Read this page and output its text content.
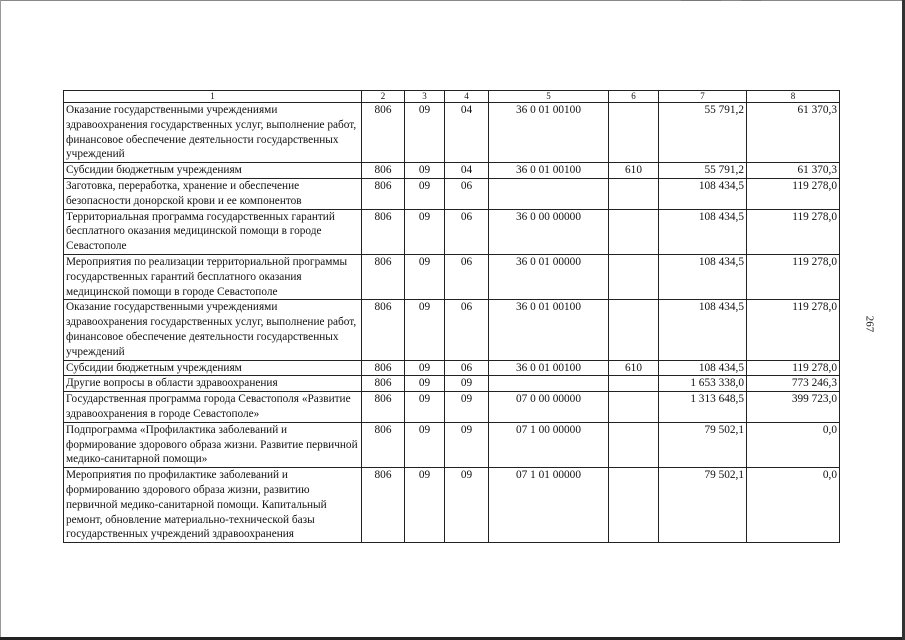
1	2	3	4	5	6	7	8
Оказание государственными учреждениями здравоохранения государственных услуг, выполнение работ, финансовое обеспечение деятельности государственных учреждений	806	09	04	36 0 01 00100		55 791,2	61 370,3
Субсидии бюджетным учреждениям	806	09	04	36 0 01 00100	610	55 791,2	61 370,3
Заготовка, переработка, хранение и обеспечение безопасности донорской крови и ее компонентов	806	09	06			108 434,5	119 278,0
Территориальная программа государственных гарантий бесплатного оказания медицинской помощи в городе Севастополе	806	09	06	36 0 00 00000		108 434,5	119 278,0
Мероприятия по реализации территориальной программы государственных гарантий бесплатного оказания медицинской помощи в городе Севастополе	806	09	06	36 0 01 00000		108 434,5	119 278,0
Оказание государственными учреждениями здравоохранения государственных услуг, выполнение работ, финансовое обеспечение деятельности государственных учреждений	806	09	06	36 0 01 00100		108 434,5	119 278,0
Субсидии бюджетным учреждениям	806	09	06	36 0 01 00100	610	108 434,5	119 278,0
Другие вопросы в области здравоохранения	806	09	09			1 653 338,0	773 246,3
Государственная программа города Севастополя «Развитие здравоохранения в городе Севастополе»	806	09	09	07 0 00 00000		1 313 648,5	399 723,0
Подпрограмма «Профилактика заболеваний и формирование здорового образа жизни. Развитие первичной медико-санитарной помощи»	806	09	09	07 1 00 00000		79 502,1	0,0
Мероприятия по профилактике заболеваний и формированию здорового образа жизни, развитию первичной медико-санитарной помощи. Капитальный ремонт, обновление материально-технической базы государственных учреждений здравоохранения	806	09	09	07 1 01 00000		79 502,1	0,0
267
